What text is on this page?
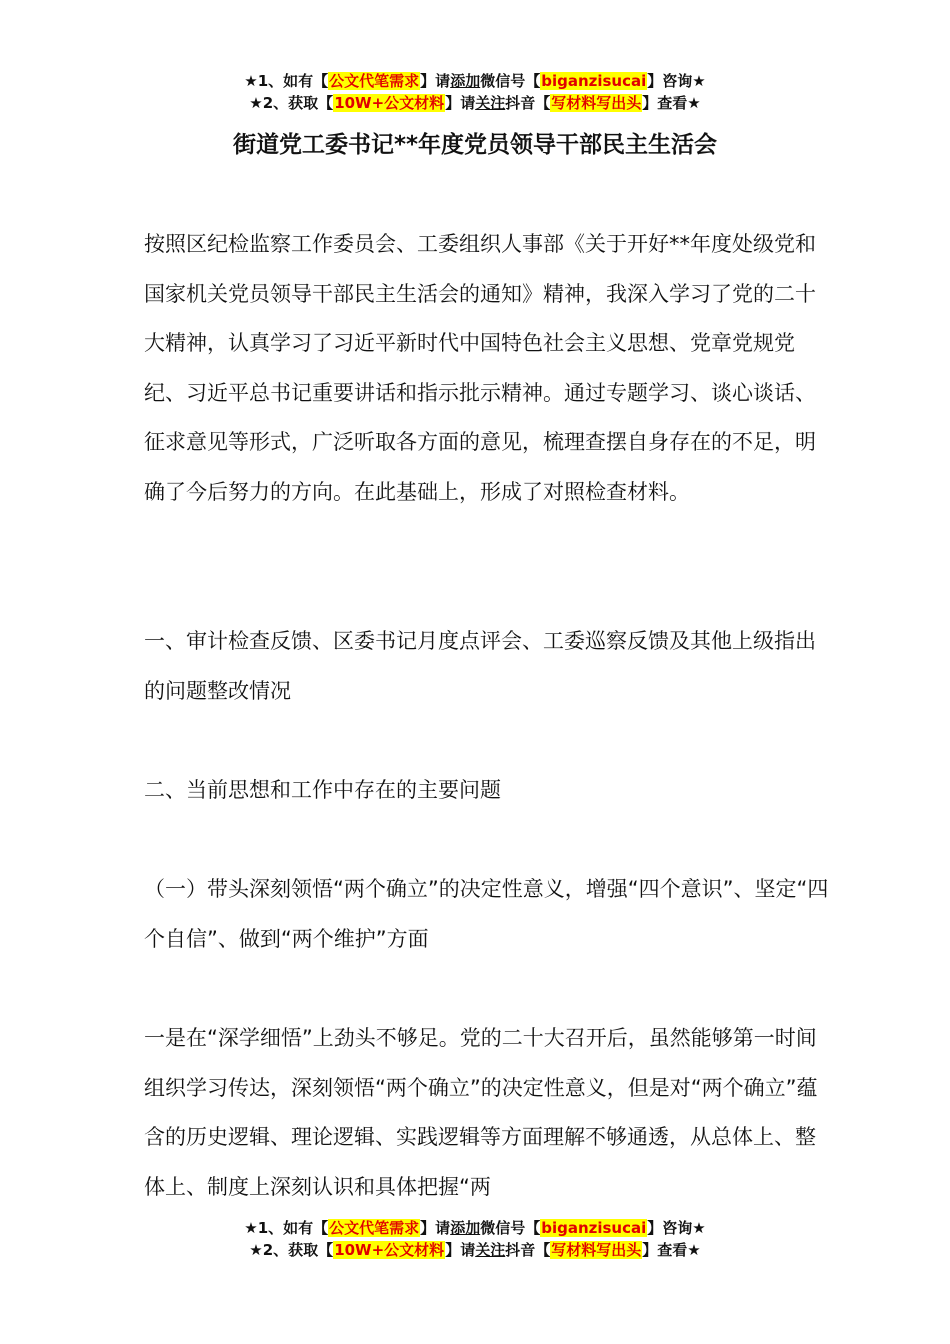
★1、如有【公文代笔需求】请添加微信号【biganzisucai】咨询★
★2、获取【10W+公文材料】请关注抖音【写材料写出头】查看★
街道党工委书记**年度党员领导干部民主生活会

按照区纪检监察工作委员会、工委组织人事部《关于开好**年度处级党和国家机关党员领导干部民主生活会的通知》精神，我深入学习了党的二十大精神，认真学习了习近平新时代中国特色社会主义思想、党章党规党纪、习近平总书记重要讲话和指示批示精神。通过专题学习、谈心谈话、征求意见等形式，广泛听取各方面的意见，梳理查摆自身存在的不足，明确了今后努力的方向。在此基础上，形成了对照检查材料。

一、审计检查反馈、区委书记月度点评会、工委巡察反馈及其他上级指出的问题整改情况

二、当前思想和工作中存在的主要问题

（一）带头深刻领悟“两个确立”的决定性意义，增强“四个意识”、坚定“四个自信”、做到“两个维护”方面

一是在“深学细悟”上劲头不够足。党的二十大召开后，虽然能够第一时间组织学习传达，深刻领悟“两个确立”的决定性意义，但是对“两个确立”蕴含的历史逻辑、理论逻辑、实践逻辑等方面理解不够通透，从总体上、整体上、制度上深刻认识和具体把握“两

★1、如有【公文代笔需求】请添加微信号【biganzisucai】咨询★
★2、获取【10W+公文材料】请关注抖音【写材料写出头】查看★
